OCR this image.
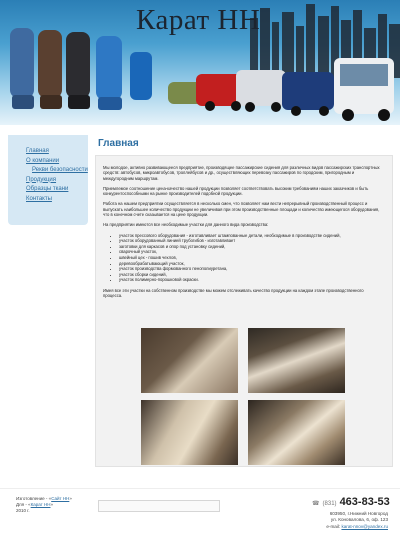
Карат НН
Главная
О компании
Рекви безопасности
Продукция
Образцы ткани
Контакты
Главная

Мы молодое, активно развивающееся предприятие, производящее пассажирские сидения для различных видов пассажирских транспортных средств: автобусов, микроавтобусов, троллейбусов и др., осуществляющих перевозку пассажиров по городским, пригородным и междугородним маршрутам.

Приемлемое соотношение цена-качество нашей продукции позволяет соответствовать высоким требованиям наших заказчиков и быть конкурентоспособными на рынке производителей подобной продукции.

Работа на нашем предприятии осуществляется в несколько смен, что позволяет нам вести непрерывный производственный процесс и выпускать наибольшее количество продукции не увеличивая при этом производственные площади и количество имеющегося оборудования, что в конечном счете сказывается на цене продукции.

На предприятии имеются все необходимые участки для данного вида производства:

• участок прессового оборудования - изготавливает штампованные детали, необходимые в производстве сидений,
• участок оборудованный линией трубогибов - изготавливает
• заготовки для каркасов и опор под установку сидений,
• сварочный участок,
• швейный цех - пошив чехлов,
• деревообрабатывающий участок,
• участок производства формованного пенополиуретана,
• участок сборки сидений,
• участок полимерно-порошковой окраски.

Имея все эти участки на собственном производстве мы можем отслеживать качество продукции на каждом этапе производственного процесса.

Изготовление - «Сайт НН»
Для - «Карат НН»
2010 г.
☎ (831) 463-83-53
603950, г.Нижний Новгород
ул. Коновалова, 6, оф. 123
e-mail: karat-nnov@yandex.ru
